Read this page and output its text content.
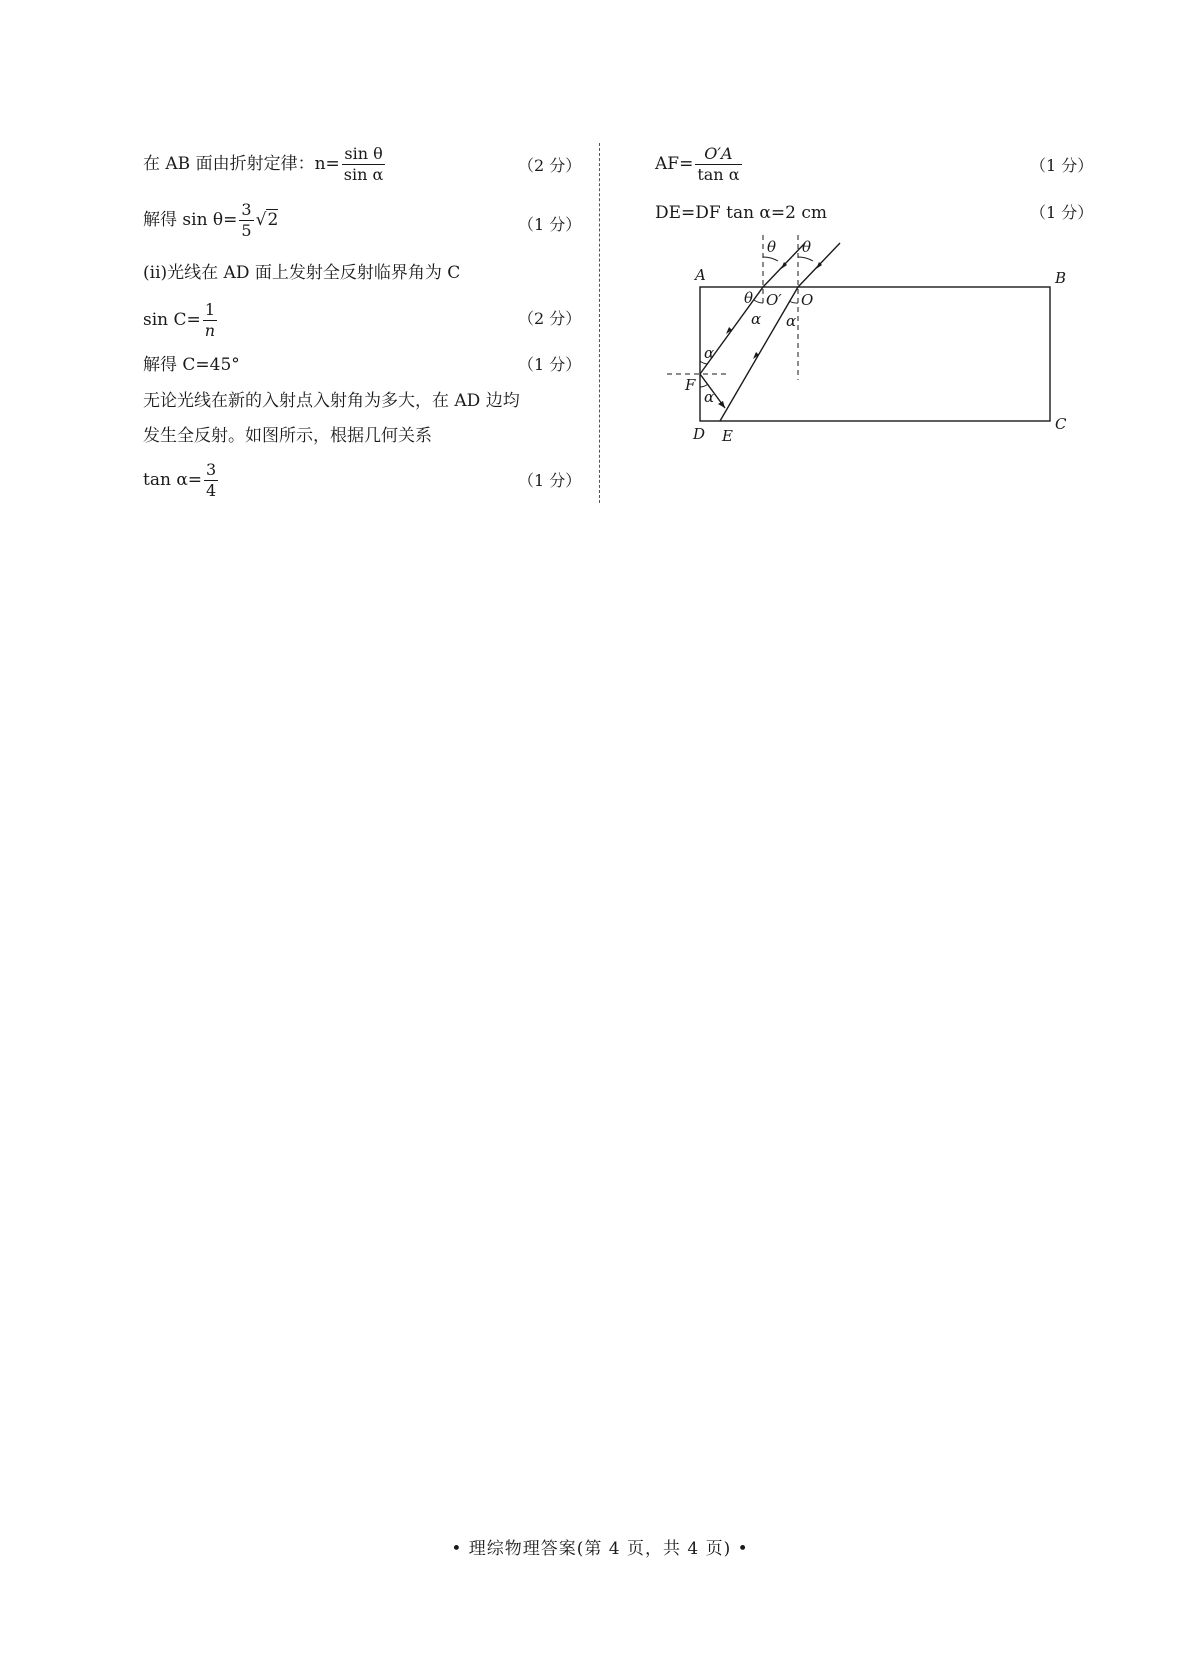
在 AB 面由折射定律：$n= \frac{\text{sin θ}}{\text{sin α}}$	（2 分）
解得 $\sin \theta= \frac{3}{5} √2$	（1 分）
(ii)光线在 AD 面上发射全反射临界角为 C
$\sin C= \frac{1}{n}$	（2 分）
解得 C=45°	（1 分）
无论光线在新的入射点入射角为多大，在 AD 边均
发生全反射。如图所示，根据几何关系
$\tan \alpha= \frac{3}{4}$	（1 分）
$AF= \frac{O'A}{\text{tan α}}$	（1 分）
DE=DF tan α=2 cm	（1 分）
A	B
C
D E
F
O
O′
θ θ
θ
α α
α
α
• 理综物理答案(第 4 页，共 4 页) •
